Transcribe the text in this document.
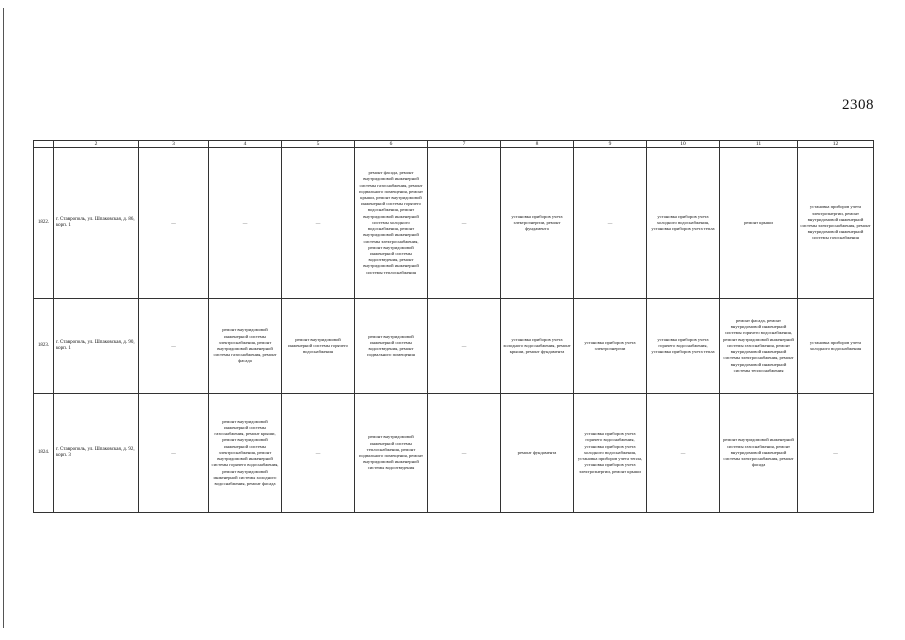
2308
	2	3	4	5	6	7	8	9	10	11	12
1822.	г. Ставрополь, ул. Шпаковская, д. 86, корп. 1	—	—	—	ремонт фасада, ремонт внутридомовой инженерной системы газоснабжения, ремонт подвального помещения, ремонт крыши, ремонт внутридомовой инженерной системы горячего водоснабжения, ремонт внутридомовой инженерной системы холодного водоснабжения, ремонт внутридомовой инженерной системы электроснабжения, ремонт внутридомовой инженерной системы водоотведения, ремонт внутридомовой инженерной системы теплоснабжения	—	установка приборов учета электроэнергии, ремонт фундамента	—	установка приборов учета холодного водоснабжения, установка приборов учета тепла	ремонт крыши	установка приборов учета электроэнергии, ремонт внутридомовой инженерной системы электроснабжения, ремонт внутридомовой инженерной системы газоснабжения
1823.	г. Ставрополь, ул. Шпаковская, д. 90, корп. 1	—	ремонт внутридомовой инженерной системы электроснабжения, ремонт внутридомовой инженерной системы газоснабжения, ремонт фасада	ремонт внутридомовой инженерной системы горячего водоснабжения	ремонт внутридомовой инженерной системы водоотведения, ремонт подвального помещения	—	установка приборов учета холодного водоснабжения, ремонт крыши, ремонт фундамента	установка приборов учета электроэнергии	установка приборов учета горячего водоснабжения, установка приборов учета тепла	ремонт фасада, ремонт внутридомовой инженерной системы горячего водоснабжения, ремонт внутридомовой инженерной системы газоснабжения, ремонт внутридомовой инженерной системы электроснабжения, ремонт внутридомовой инженерной системы теплоснабжения	установка приборов учета холодного водоснабжения
1824.	г. Ставрополь, ул. Шпаковская, д. 92, корп. 3	—	ремонт внутридомовой инженерной системы газоснабжения, ремонт крыши, ремонт внутридомовой инженерной системы электроснабжения, ремонт внутридомовой инженерной системы горячего водоснабжения, ремонт внутридомовой инженерной системы холодного водоснабжения, ремонт фасада	—	ремонт внутридомовой инженерной системы теплоснабжения, ремонт подвального помещения, ремонт внутридомовой инженерной системы водоотведения	—	ремонт фундамента	установка приборов учета горячего водоснабжения, установка приборов учета холодного водоснабжения, установка приборов учета тепла, установка приборов учета электроэнергии, ремонт крыши	—	ремонт внутридомовой инженерной системы газоснабжения, ремонт внутридомовой инженерной системы электроснабжения, ремонт фасада	—
